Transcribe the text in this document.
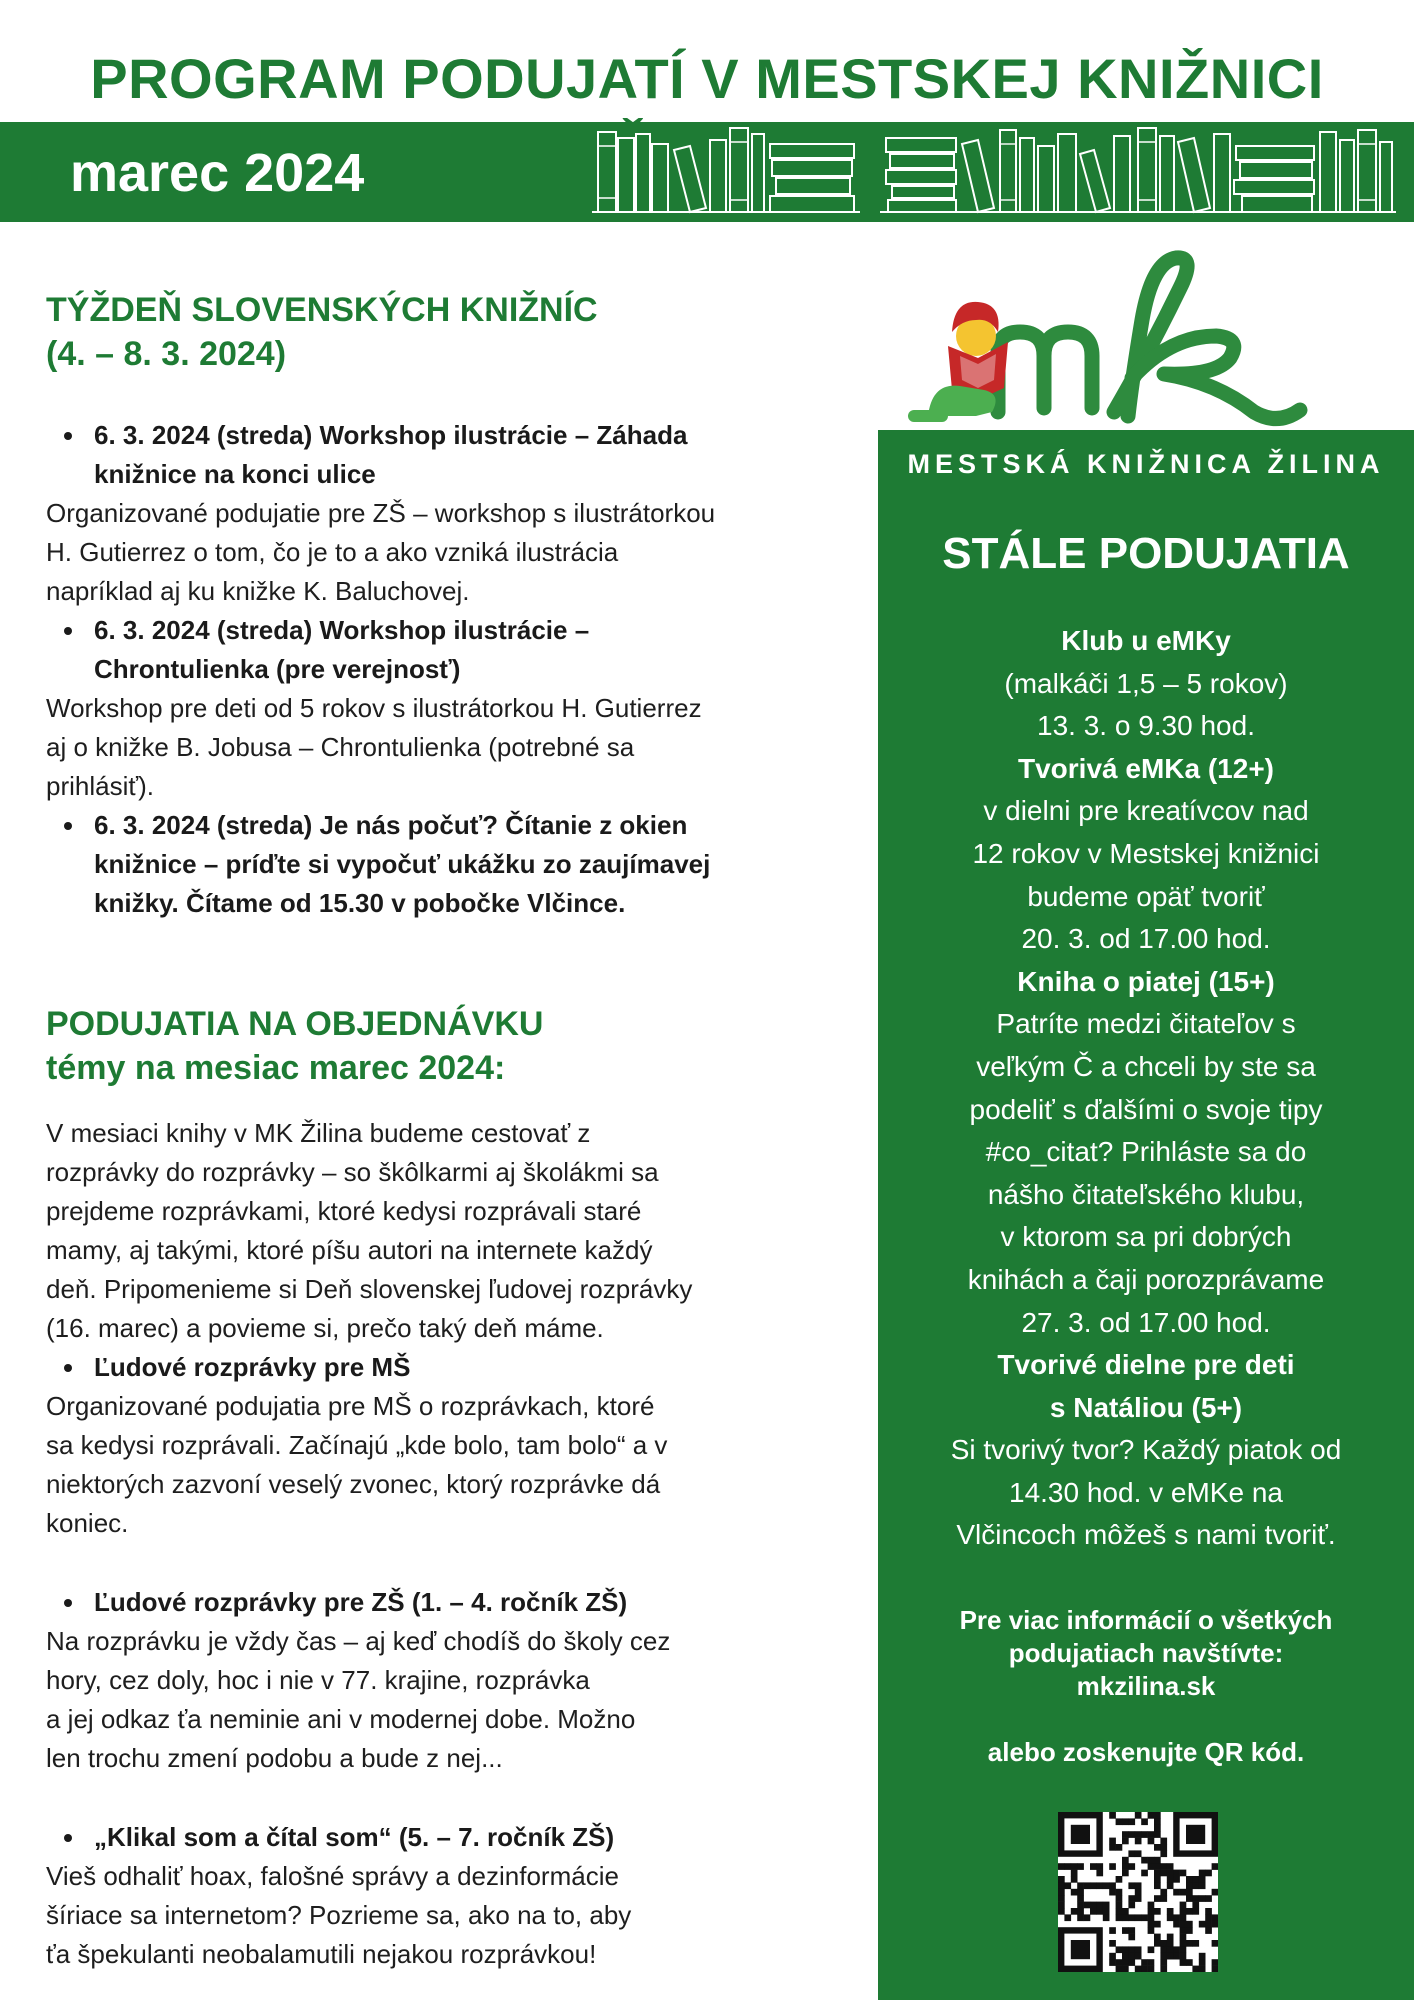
PROGRAM PODUJATÍ V MESTSKEJ KNIŽNICI
marec 2024
TÝŽDEŇ SLOVENSKÝCH KNIŽNÍC
(4. – 8. 3. 2024)

6. 3. 2024 (streda) Workshop ilustrácie – Záhada
knižnice na konci ulice

Organizované podujatie pre ZŠ – workshop s ilustrátorkou
H. Gutierrez o tom, čo je to a ako vzniká ilustrácia
napríklad aj ku knižke K. Baluchovej.

6. 3. 2024 (streda) Workshop ilustrácie –
Chrontulienka (pre verejnosť)

Workshop pre deti od 5 rokov s ilustrátorkou H. Gutierrez
aj o knižke B. Jobusa – Chrontulienka (potrebné sa
prihlásiť).

6. 3. 2024 (streda) Je nás počuť? Čítanie z okien
knižnice – príďte si vypočuť ukážku zo zaujímavej
knižky. Čítame od 15.30 v pobočke Vlčince.

PODUJATIA NA OBJEDNÁVKU
témy na mesiac marec 2024:

V mesiaci knihy v MK Žilina budeme cestovať z
rozprávky do rozprávky – so škôlkarmi aj školákmi sa
prejdeme rozprávkami, ktoré kedysi rozprávali staré
mamy, aj takými, ktoré píšu autori na internete každý
deň. Pripomenieme si Deň slovenskej ľudovej rozprávky
(16. marec) a povieme si, prečo taký deň máme.

Ľudové rozprávky pre MŠ

Organizované podujatia pre MŠ o rozprávkach, ktoré
sa kedysi rozprávali. Začínajú „kde bolo, tam bolo“ a v
niektorých zazvoní veselý zvonec, ktorý rozprávke dá
koniec.

Ľudové rozprávky pre ZŠ (1. – 4. ročník ZŠ)

Na rozprávku je vždy čas – aj keď chodíš do školy cez
hory, cez doly, hoc i nie v 77. krajine, rozprávka
a jej odkaz ťa neminie ani v modernej dobe. Možno
len trochu zmení podobu a bude z nej...

„Klikal som a čítal som“ (5. – 7. ročník ZŠ)

Vieš odhaliť hoax, falošné správy a dezinformácie
šíriace sa internetom? Pozrieme sa, ako na to, aby
ťa špekulanti neobalamutili nejakou rozprávkou!

MESTSKÁ KNIŽNICA ŽILINA
STÁLE PODUJATIA

Klub u eMKy

(malkáči 1,5 – 5 rokov)

13. 3. o 9.30 hod.

Tvorivá eMKa (12+)

v dielni pre kreatívcov nad

12 rokov v Mestskej knižnici

budeme opäť tvoriť

20. 3. od 17.00 hod.

Kniha o piatej (15+)

Patríte medzi čitateľov s

veľkým Č a chceli by ste sa

podeliť s ďalšími o svoje tipy

#co_citat? Prihláste sa do

nášho čitateľského klubu,

v ktorom sa pri dobrých

knihách a čaji porozprávame

27. 3. od 17.00 hod.

Tvorivé dielne pre deti

s Natáliou (5+)

Si tvorivý tvor? Každý piatok od

14.30 hod. v eMKe na

Vlčincoch môžeš s nami tvoriť.

Pre viac informácií o všetkých

podujatiach navštívte:

mkzilina.sk

alebo zoskenujte QR kód.
